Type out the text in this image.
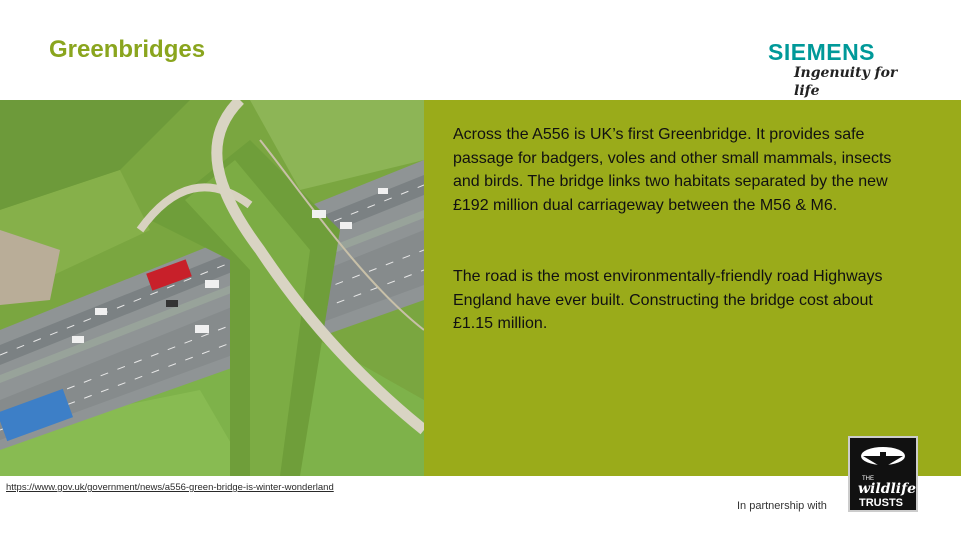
Greenbridges	SIEMENS
Ingenuity for life

Across the A556 is UK’s first Greenbridge. It provides safe passage for badgers, voles and other small mammals, insects and birds. The bridge links two habitats separated by the new £192 million dual carriageway between the M56 & M6.

The road is the most environmentally-friendly road Highways England have ever built. Constructing the bridge cost about £1.15 million.

https://www.gov.uk/government/news/a556-green-bridge-is-winter-wonderland
In partnership with
THE
wildlife
TRUSTS
